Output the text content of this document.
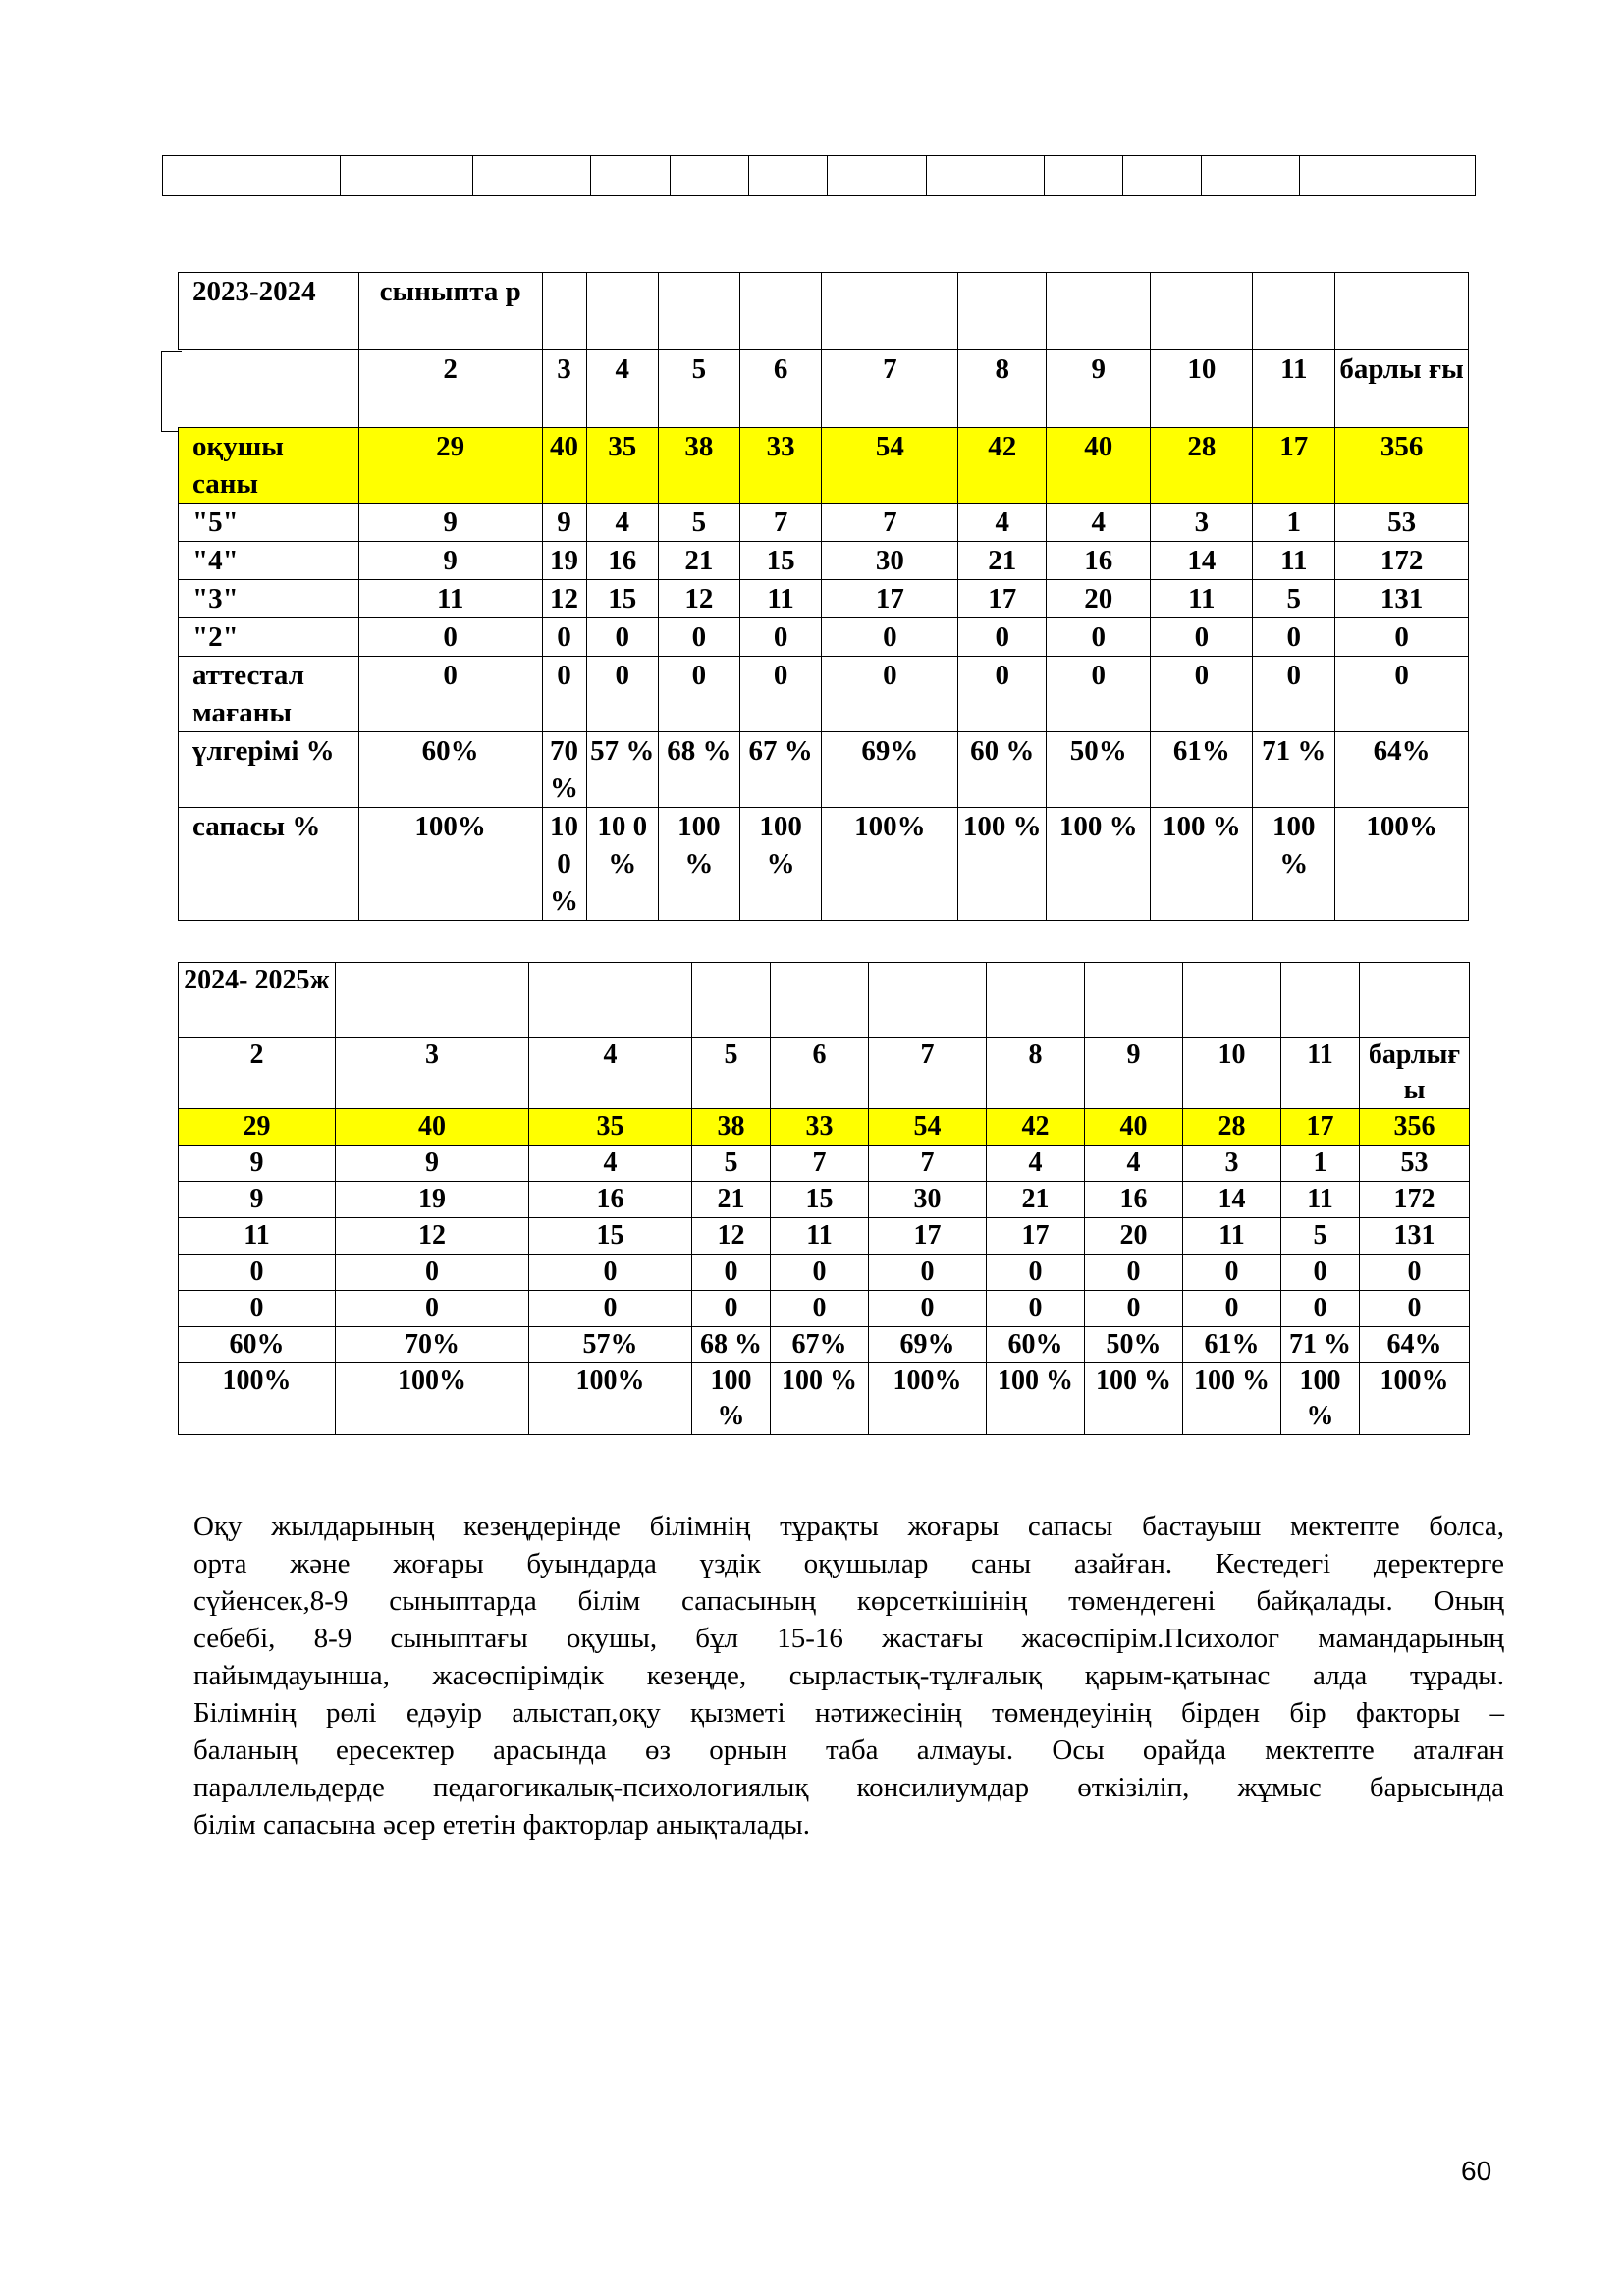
2023-2024	сыныпта р										
	2	3	4	5	6	7	8	9	10	11	барлы ғы
оқушы саны	29	40	35	38	33	54	42	40	28	17	356
"5"	9	9	4	5	7	7	4	4	3	1	53
"4"	9	19	16	21	15	30	21	16	14	11	172
"3"	11	12	15	12	11	17	17	20	11	5	131
"2"	0	0	0	0	0	0	0	0	0	0	0
аттестал мағаны	0	0	0	0	0	0	0	0	0	0	0
үлгерімі %	60%	70 %	57 %	68 %	67 %	69%	60 %	50%	61%	71 %	64%
сапасы %	100%	10 0 %	10 0 %	100 %	100 %	100%	100 %	100 %	100 %	100 %	100%
2024- 2025ж										
2	3	4	5	6	7	8	9	10	11	барлығ ы
29	40	35	38	33	54	42	40	28	17	356
9	9	4	5	7	7	4	4	3	1	53
9	19	16	21	15	30	21	16	14	11	172
11	12	15	12	11	17	17	20	11	5	131
0	0	0	0	0	0	0	0	0	0	0
0	0	0	0	0	0	0	0	0	0	0
60%	70%	57%	68 %	67%	69%	60%	50%	61%	71 %	64%
100%	100%	100%	100 %	100 %	100%	100 %	100 %	100 %	100 %	100%
Оқу жылдарының кезеңдерінде білімнің тұрақты жоғары сапасы бастауыш мектепте болса,
орта және жоғары буындарда үздік оқушылар саны азайған. Кестедегі деректерге
сүйенсек,8-9 сыныптарда білім сапасының көрсеткішінің төмендегені байқалады. Оның
себебі, 8-9 сыныптағы оқушы, бұл 15-16 жастағы жасөспірім.Психолог мамандарының
пайымдауынша, жасөспірімдік кезеңде, сырластық-тұлғалық қарым-қатынас алда тұрады.
Білімнің рөлі едәуір алыстап,оқу қызметі нәтижесінің төмендеуінің бірден бір факторы –
баланың ересектер арасында өз орнын таба алмауы. Осы орайда мектепте аталған
параллельдерде педагогикалық-психологиялық консилиумдар өткізіліп, жұмыс барысында
білім сапасына әсер ететін факторлар анықталады.
60
